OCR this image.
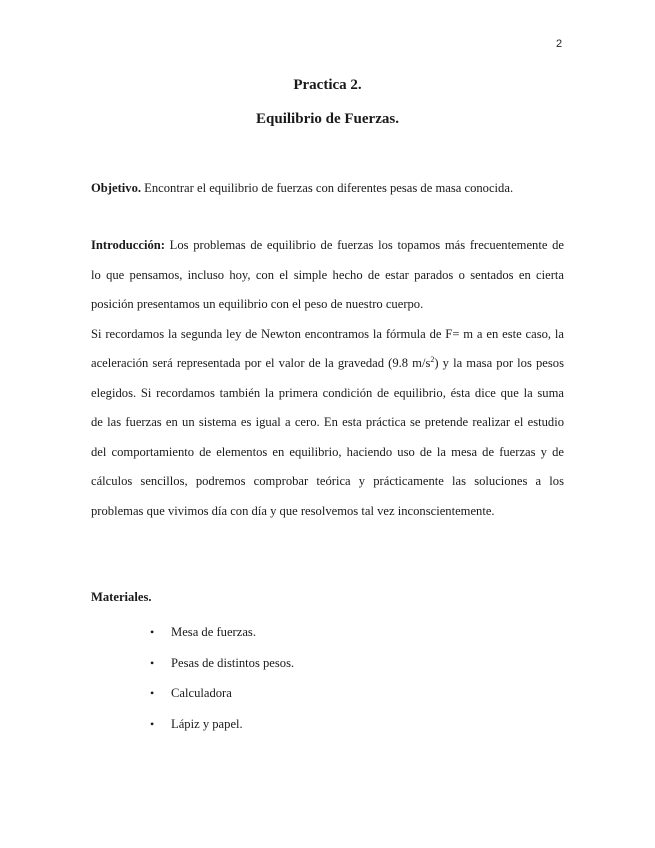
2
Practica 2.
Equilibrio de Fuerzas.
Objetivo. Encontrar el equilibrio de fuerzas con diferentes pesas de masa conocida.
Introducción: Los problemas de equilibrio de fuerzas los topamos más frecuentemente de
lo que pensamos, incluso hoy, con el simple hecho de estar parados o sentados en cierta
posición presentamos un equilibrio con el peso de nuestro cuerpo.
Si recordamos la segunda ley de Newton encontramos la fórmula de F= m a en este caso, la
aceleración será representada por el valor de la gravedad (9.8 $m/s^2$) y la masa por los pesos
elegidos. Si recordamos también la primera condición de equilibrio, ésta dice que la suma
de las fuerzas en un sistema es igual a cero. En esta práctica se pretende realizar el estudio
del comportamiento de elementos en equilibrio, haciendo uso de la mesa de fuerzas y de
cálculos sencillos, podremos comprobar teórica y prácticamente las soluciones a los
problemas que vivimos día con día y que resolvemos tal vez inconscientemente.
Materiales.
• Mesa de fuerzas.
• Pesas de distintos pesos.
• Calculadora
• Lápiz y papel.
